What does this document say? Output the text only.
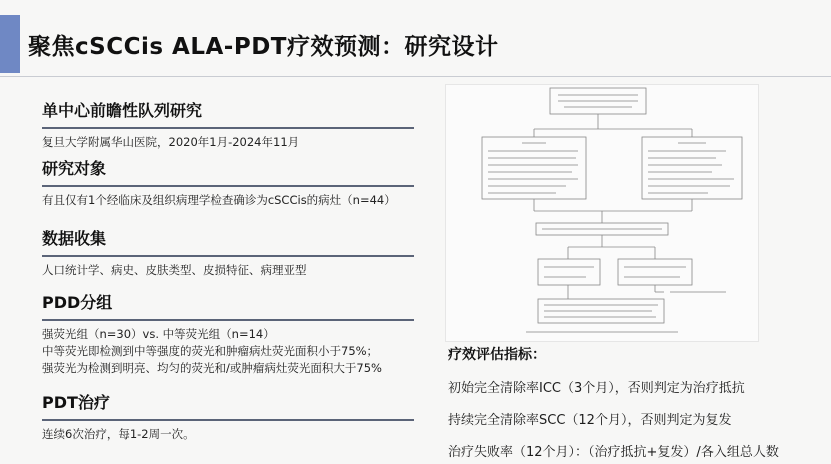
聚焦cSCCis ALA-PDT疗效预测：研究设计
单中心前瞻性队列研究
复旦大学附属华山医院，2020年1月-2024年11月
研究对象
有且仅有1个经临床及组织病理学检查确诊为cSCCis的病灶（n=44）
数据收集
人口统计学、病史、皮肤类型、皮损特征、病理亚型
PDD分组
强荧光组（n=30）vs. 中等荧光组（n=14）
中等荧光即检测到中等强度的荧光和肿瘤病灶荧光面积小于75%；
强荧光为检测到明亮、均匀的荧光和/或肿瘤病灶荧光面积大于75%
PDT治疗
连续6次治疗，每1-2周一次。
疗效评估指标：
初始完全清除率ICC（3个月），否则判定为治疗抵抗
持续完全清除率SCC（12个月），否则判定为复发
治疗失败率（12个月）：（治疗抵抗+复发）/各入组总人数
